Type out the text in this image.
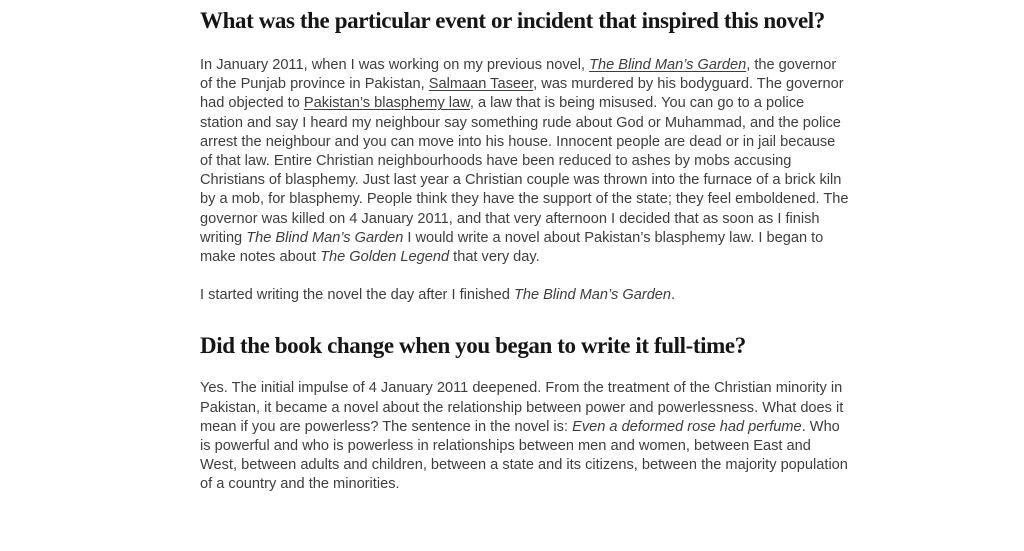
What was the particular event or incident that inspired this novel?

In January 2011, when I was working on my previous novel, The Blind Man’s Garden, the governor of the Punjab province in Pakistan, Salmaan Taseer, was murdered by his bodyguard. The governor had objected to Pakistan’s blasphemy law, a law that is being misused. You can go to a police station and say I heard my neighbour say something rude about God or Muhammad, and the police arrest the neighbour and you can move into his house. Innocent people are dead or in jail because of that law. Entire Christian neighbourhoods have been reduced to ashes by mobs accusing Christians of blasphemy. Just last year a Christian couple was thrown into the furnace of a brick kiln by a mob, for blasphemy. People think they have the support of the state; they feel emboldened. The governor was killed on 4 January 2011, and that very afternoon I decided that as soon as I finish writing The Blind Man’s Garden I would write a novel about Pakistan’s blasphemy law. I began to make notes about The Golden Legend that very day.

I started writing the novel the day after I finished The Blind Man’s Garden.

Did the book change when you began to write it full-time?

Yes. The initial impulse of 4 January 2011 deepened. From the treatment of the Christian minority in Pakistan, it became a novel about the relationship between power and powerlessness. What does it mean if you are powerless? The sentence in the novel is: Even a deformed rose had perfume. Who is powerful and who is powerless in relationships between men and women, between East and West, between adults and children, between a state and its citizens, between the majority population of a country and the minorities.
